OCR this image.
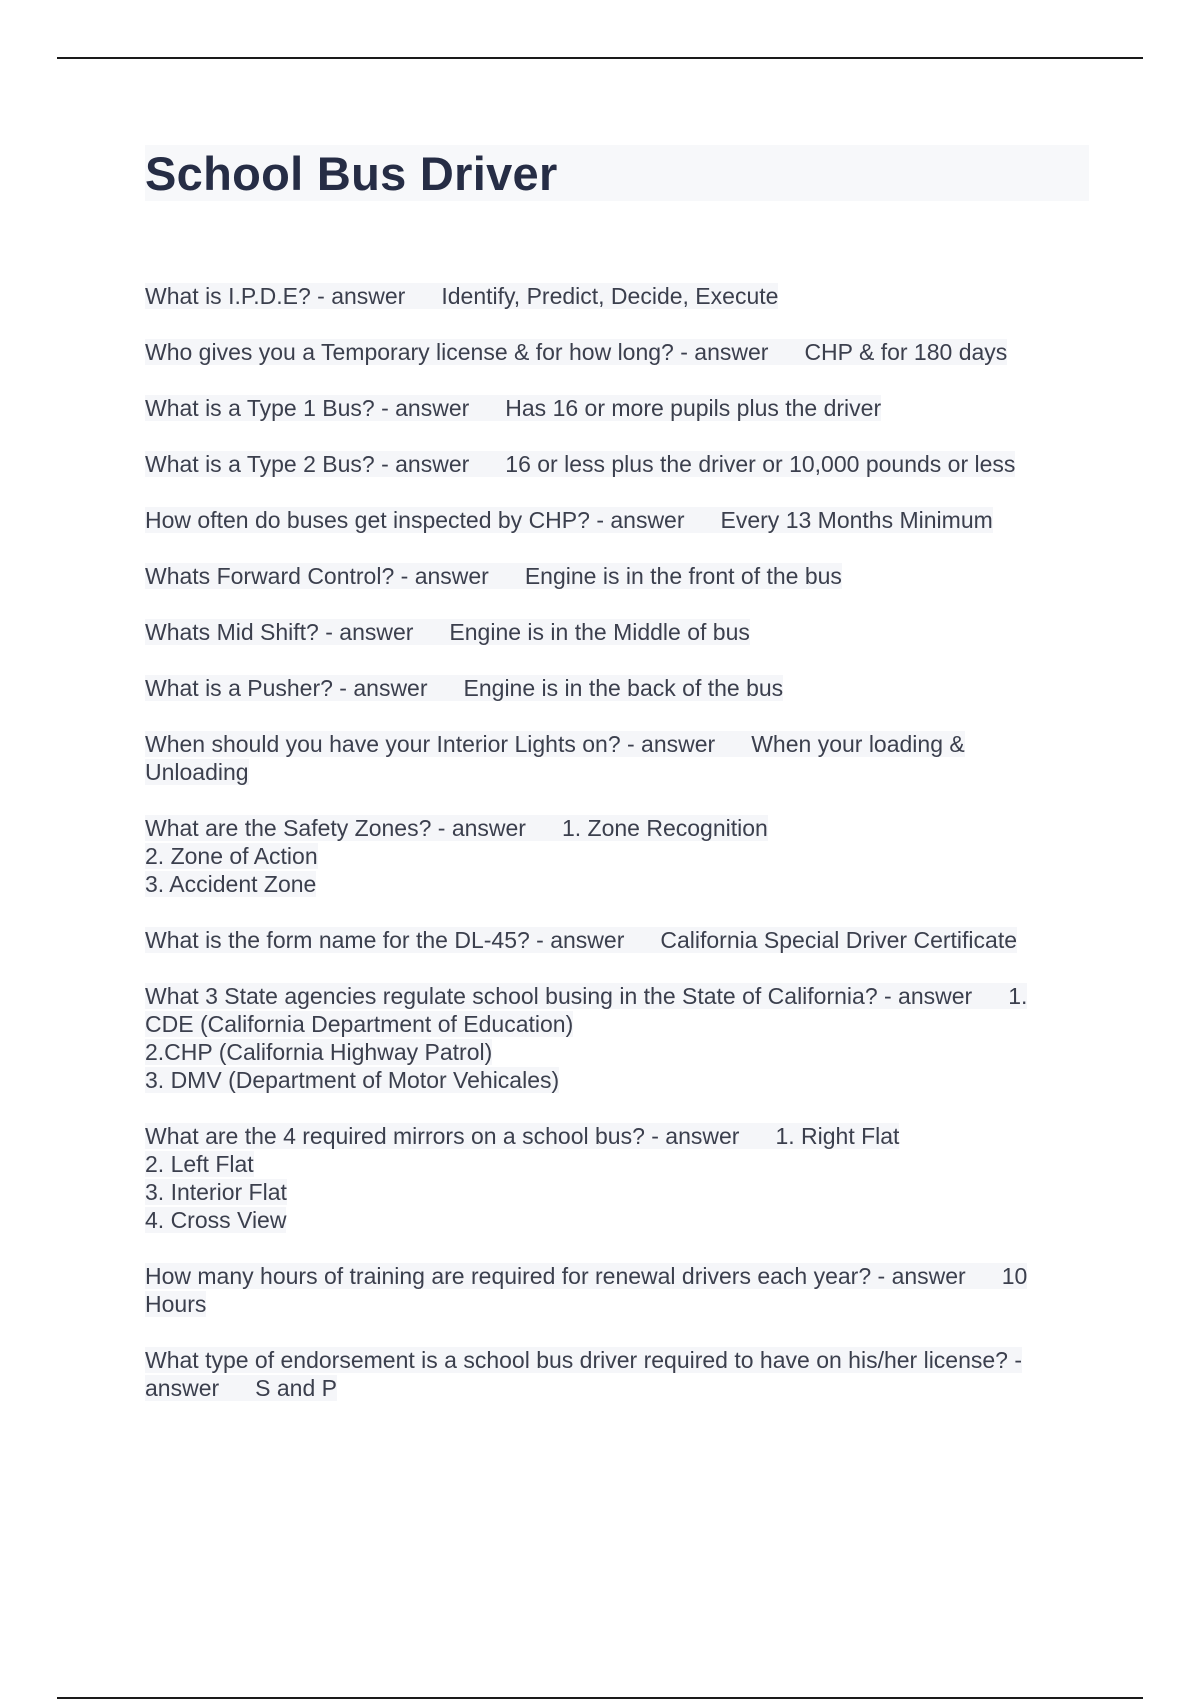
School Bus Driver

What is I.P.D.E? - answer Identify, Predict, Decide, Execute

Who gives you a Temporary license & for how long? - answer CHP & for 180 days

What is a Type 1 Bus? - answer Has 16 or more pupils plus the driver

What is a Type 2 Bus? - answer 16 or less plus the driver or 10,000 pounds or less

How often do buses get inspected by CHP? - answer Every 13 Months Minimum

Whats Forward Control? - answer Engine is in the front of the bus

Whats Mid Shift? - answer Engine is in the Middle of bus

What is a Pusher? - answer Engine is in the back of the bus

When should you have your Interior Lights on? - answer When your loading &
Unloading

What are the Safety Zones? - answer 1. Zone Recognition
2. Zone of Action
3. Accident Zone

What is the form name for the DL-45? - answer California Special Driver Certificate

What 3 State agencies regulate school busing in the State of California? - answer 1.
CDE (California Department of Education)
2.CHP (California Highway Patrol)
3. DMV (Department of Motor Vehicales)

What are the 4 required mirrors on a school bus? - answer 1. Right Flat
2. Left Flat
3. Interior Flat
4. Cross View

How many hours of training are required for renewal drivers each year? - answer 10
Hours

What type of endorsement is a school bus driver required to have on his/her license? -
answer S and P
